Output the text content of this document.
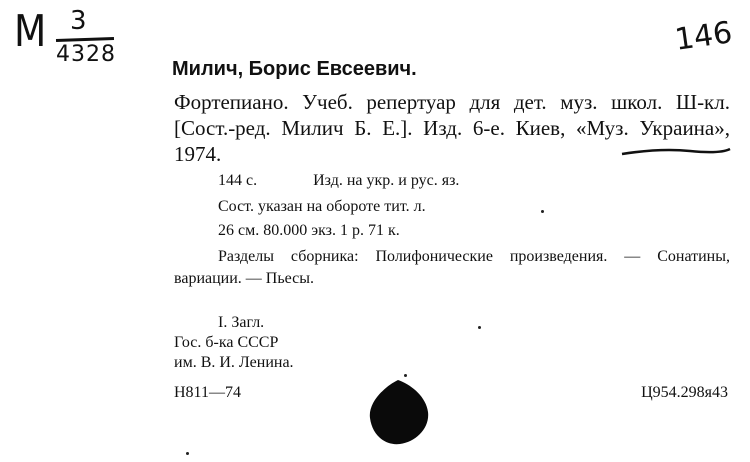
М 3
4328	146
Милич, Борис Евсеевич.
Фортепиано. Учеб. репертуар для дет. муз. школ. Ш-кл. [Сост.-ред. Милич Б. Е.]. Изд. 6-е. Киев, «Муз. Украина», 1974.
144 с.	Изд. на укр. и рус. яз.
Сост. указан на обороте тит. л.
26 см. 80.000 экз. 1 р. 71 к.
Разделы сборника: Полифонические произведения. — Сонатины, вариации. — Пьесы.
I. Загл.
Гос. б-ка СССР
им. В. И. Ленина.
Н811—74	Ц954.298я43
